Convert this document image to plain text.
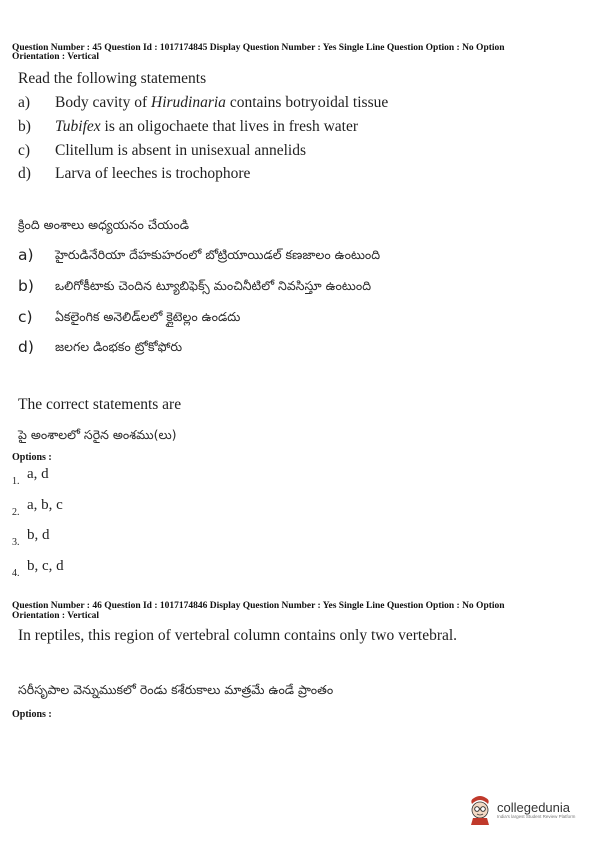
Question Number : 45 Question Id : 1017174845 Display Question Number : Yes Single Line Question Option : No Option
Orientation : Vertical
Read the following statements
a) Body cavity of Hirudinaria contains botryoidal tissue
b) Tubifex is an oligochaete that lives in fresh water
c) Clitellum is absent in unisexual annelids
d) Larva of leeches is trochophore
క్రింది అంశాలు అధ్యయనం చేయండి
a) హైరుడినేరియా దేహకుహరంలో బోట్రియాయిడల్ కణజాలం ఉంటుంది
b) ఒలిగోకీటాకు చెందిన ట్యూబిఫెక్స్ మంచినీటిలో నివసిస్తూ ఉంటుంది
c) ఏకలైంగిక అనెలిడ్‌లలో క్లైటెల్లం ఉండదు
d) జలగల డింభకం ట్రోకోఫోరు
The correct statements are
పై అంశాలలో సరైన అంశము(లు)
Options :
1. a, d
2. a, b, c
3. b, d
4. b, c, d
Question Number : 46 Question Id : 1017174846 Display Question Number : Yes Single Line Question Option : No Option
Orientation : Vertical
In reptiles, this region of vertebral column contains only two vertebral.
సరీసృపాల వెన్నుముకలో రెండు కశేరుకాలు మాత్రమే ఉండే ప్రాంతం
Options :
collegedunia
India's largest Student Review Platform
